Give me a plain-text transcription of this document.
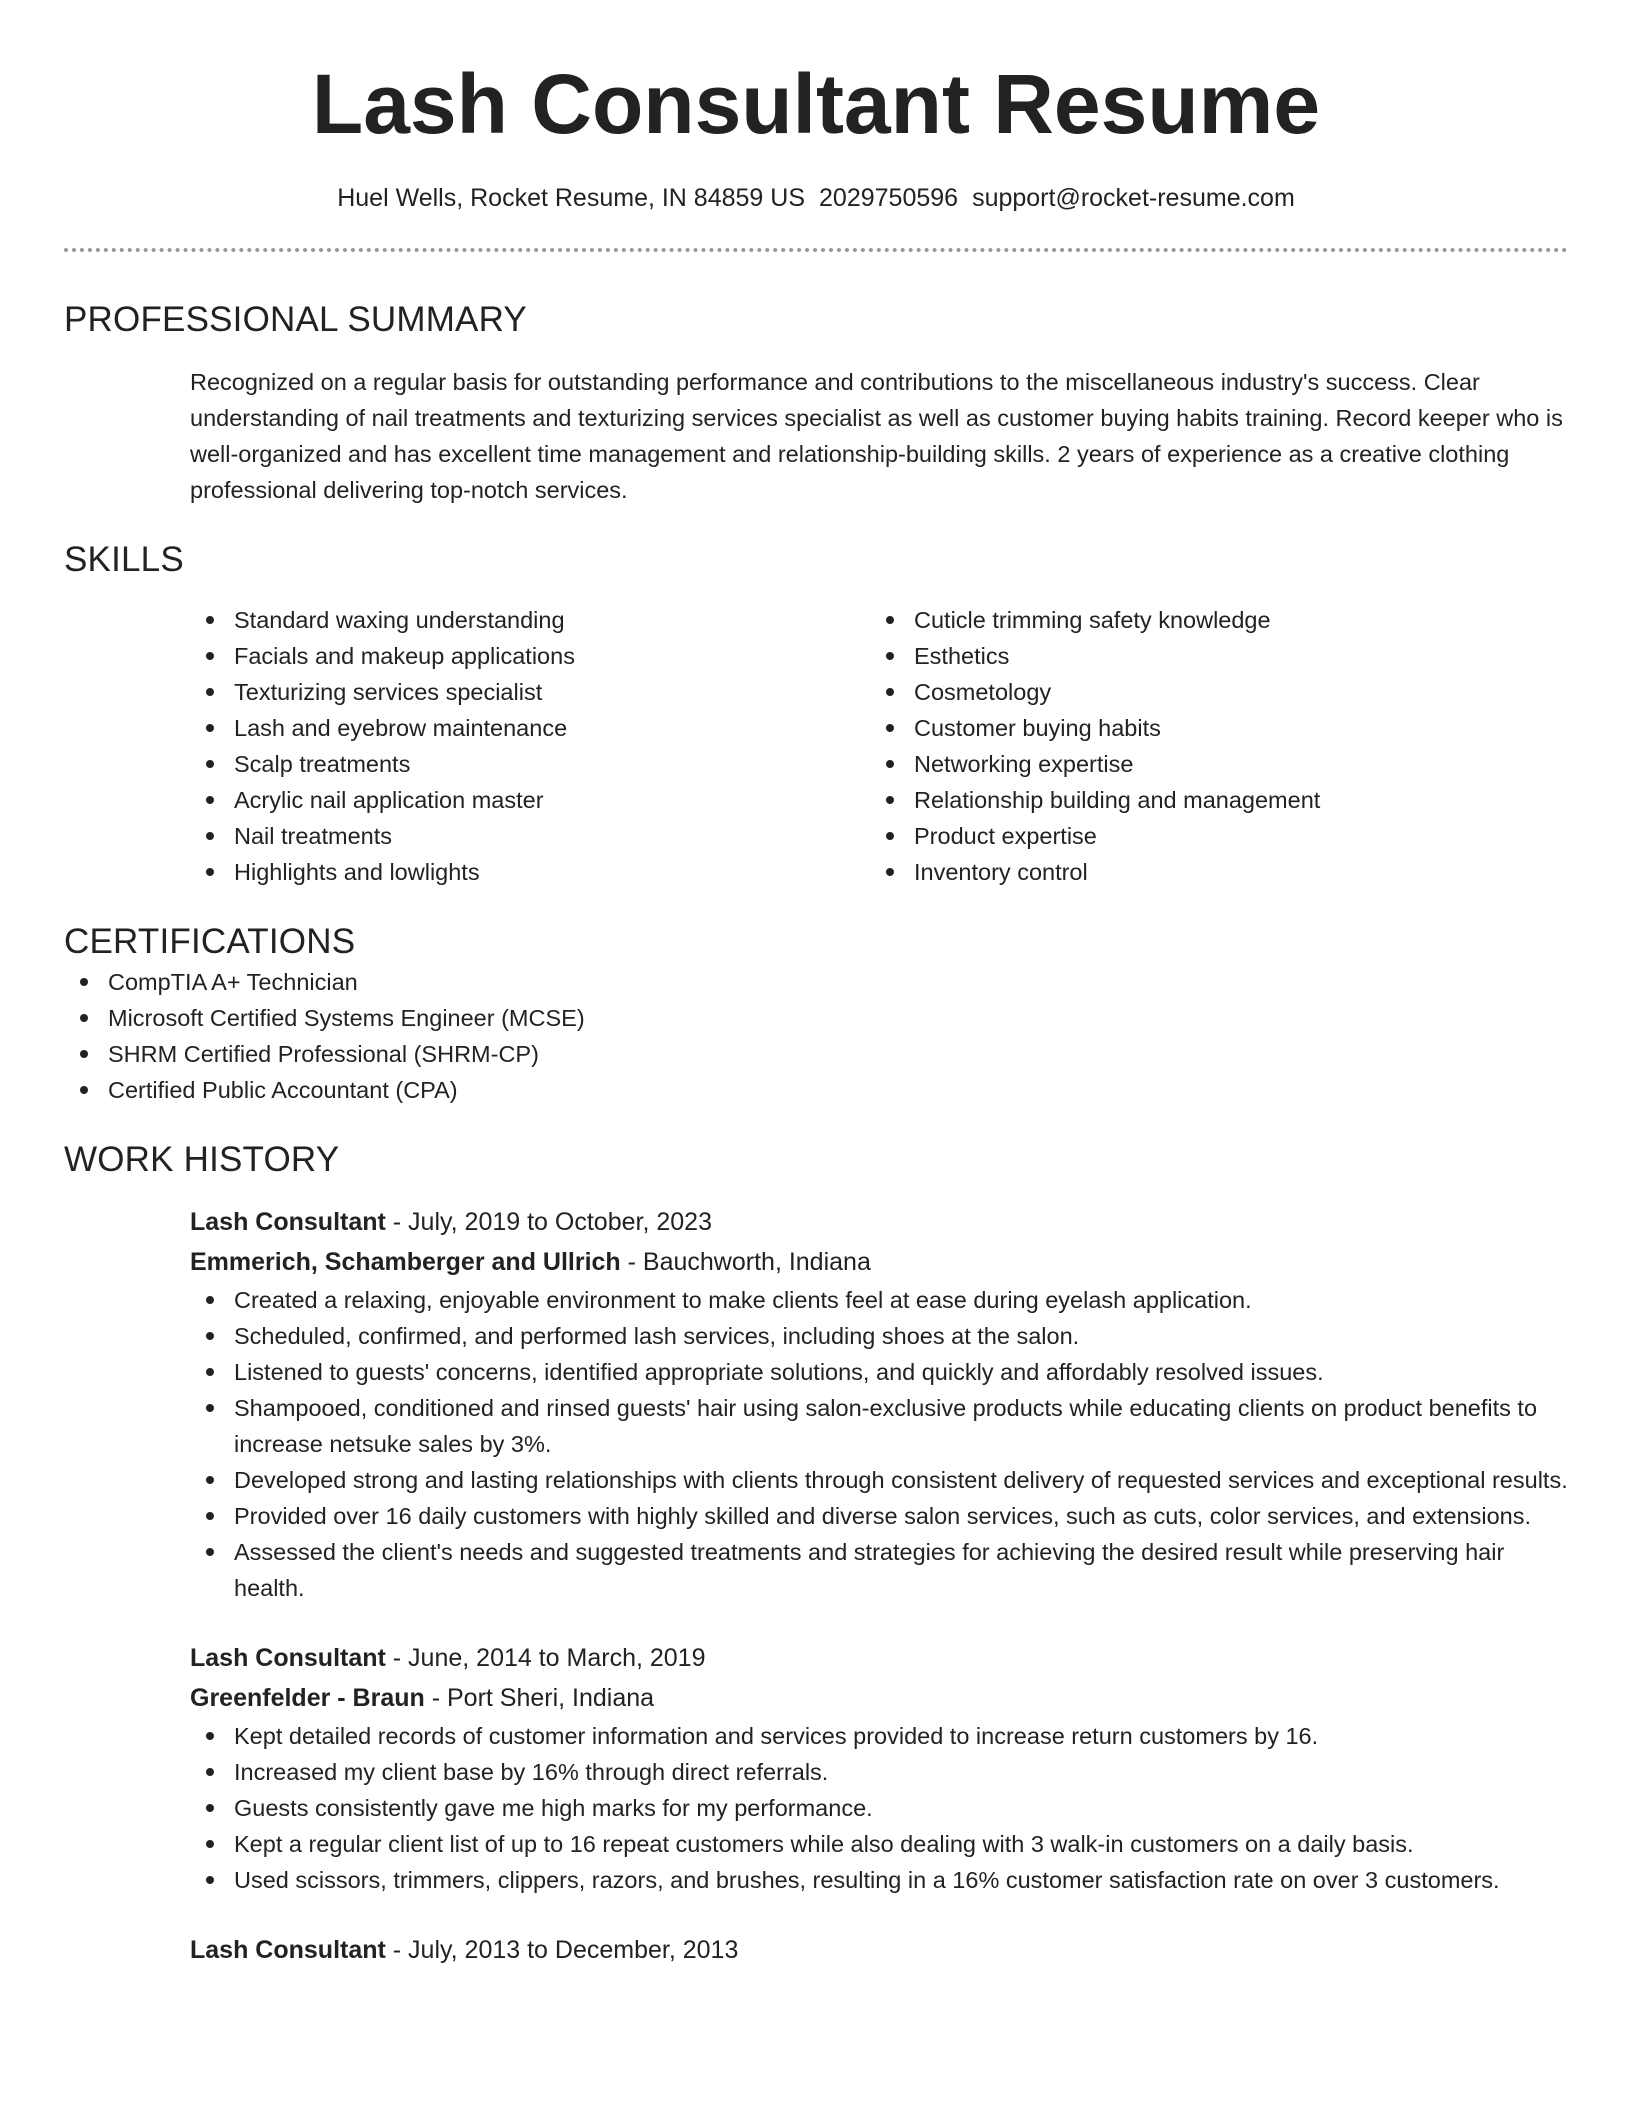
Lash Consultant Resume
Huel Wells, Rocket Resume, IN 84859 US 2029750596 support@rocket-resume.com
PROFESSIONAL SUMMARY

Recognized on a regular basis for outstanding performance and contributions to the miscellaneous industry's success. Clear understanding of nail treatments and texturizing services specialist as well as customer buying habits training. Record keeper who is well-organized and has excellent time management and relationship-building skills. 2 years of experience as a creative clothing professional delivering top-notch services.

SKILLS
Standard waxing understanding
Facials and makeup applications
Texturizing services specialist
Lash and eyebrow maintenance
Scalp treatments
Acrylic nail application master
Nail treatments
Highlights and lowlights
Cuticle trimming safety knowledge
Esthetics
Cosmetology
Customer buying habits
Networking expertise
Relationship building and management
Product expertise
Inventory control
CERTIFICATIONS
CompTIA A+ Technician
Microsoft Certified Systems Engineer (MCSE)
SHRM Certified Professional (SHRM-CP)
Certified Public Accountant (CPA)
WORK HISTORY
Lash Consultant - July, 2019 to October, 2023
Emmerich, Schamberger and Ullrich - Bauchworth, Indiana
Created a relaxing, enjoyable environment to make clients feel at ease during eyelash application.
Scheduled, confirmed, and performed lash services, including shoes at the salon.
Listened to guests' concerns, identified appropriate solutions, and quickly and affordably resolved issues.
Shampooed, conditioned and rinsed guests' hair using salon-exclusive products while educating clients on product benefits to increase netsuke sales by 3%.
Developed strong and lasting relationships with clients through consistent delivery of requested services and exceptional results.
Provided over 16 daily customers with highly skilled and diverse salon services, such as cuts, color services, and extensions.
Assessed the client's needs and suggested treatments and strategies for achieving the desired result while preserving hair health.
Lash Consultant - June, 2014 to March, 2019
Greenfelder - Braun - Port Sheri, Indiana
Kept detailed records of customer information and services provided to increase return customers by 16.
Increased my client base by 16% through direct referrals.
Guests consistently gave me high marks for my performance.
Kept a regular client list of up to 16 repeat customers while also dealing with 3 walk-in customers on a daily basis.
Used scissors, trimmers, clippers, razors, and brushes, resulting in a 16% customer satisfaction rate on over 3 customers.
Lash Consultant - July, 2013 to December, 2013
